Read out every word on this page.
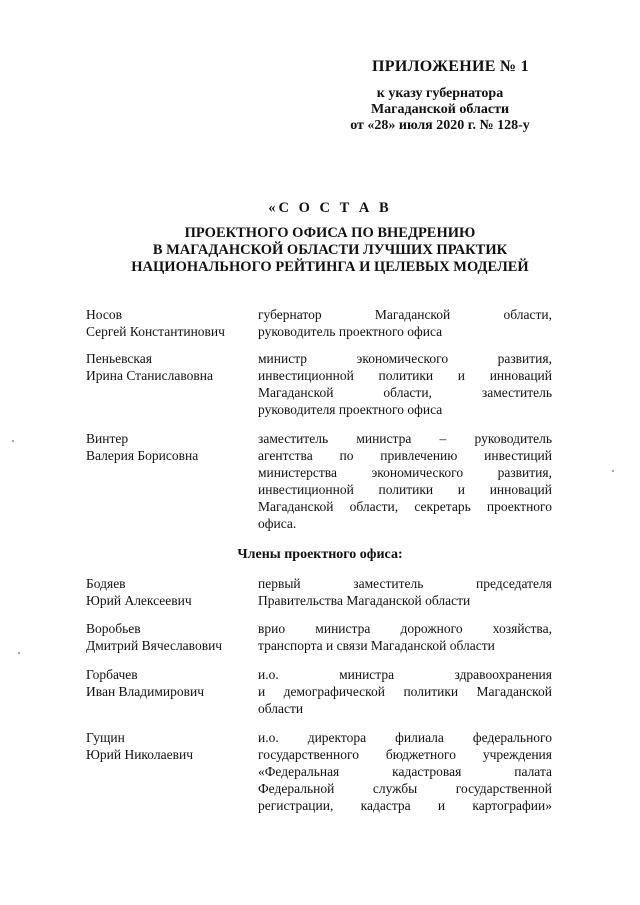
ПРИЛОЖЕНИЕ № 1
к указу губернатора
Магаданской области
от «28» июля 2020 г. № 128-у
«С О С Т А В
ПРОЕКТНОГО ОФИСА ПО ВНЕДРЕНИЮ
В МАГАДАНСКОЙ ОБЛАСТИ ЛУЧШИХ ПРАКТИК
НАЦИОНАЛЬНОГО РЕЙТИНГА И ЦЕЛЕВЫХ МОДЕЛЕЙ
Носов
Сергей Константинович
губернатор Магаданской области,
руководитель проектного офиса
Пеньевская
Ирина Станиславовна
министр экономического развития,
инвестиционной политики и инноваций
Магаданской области, заместитель
руководителя проектного офиса
Винтер
Валерия Борисовна
заместитель министра – руководитель
агентства по привлечению инвестиций
министерства экономического развития,
инвестиционной политики и инноваций
Магаданской области, секретарь проектного
офиса.
Члены проектного офиса:
Бодяев
Юрий Алексеевич
первый заместитель председателя
Правительства Магаданской области
Воробьев
Дмитрий Вячеславович
врио министра дорожного хозяйства,
транспорта и связи Магаданской области
Горбачев
Иван Владимирович
и.о. министра здравоохранения
и демографической политики Магаданской
области
Гущин
Юрий Николаевич
и.о. директора филиала федерального
государственного бюджетного учреждения
«Федеральная кадастровая палата
Федеральной службы государственной
регистрации, кадастра и картографии»
